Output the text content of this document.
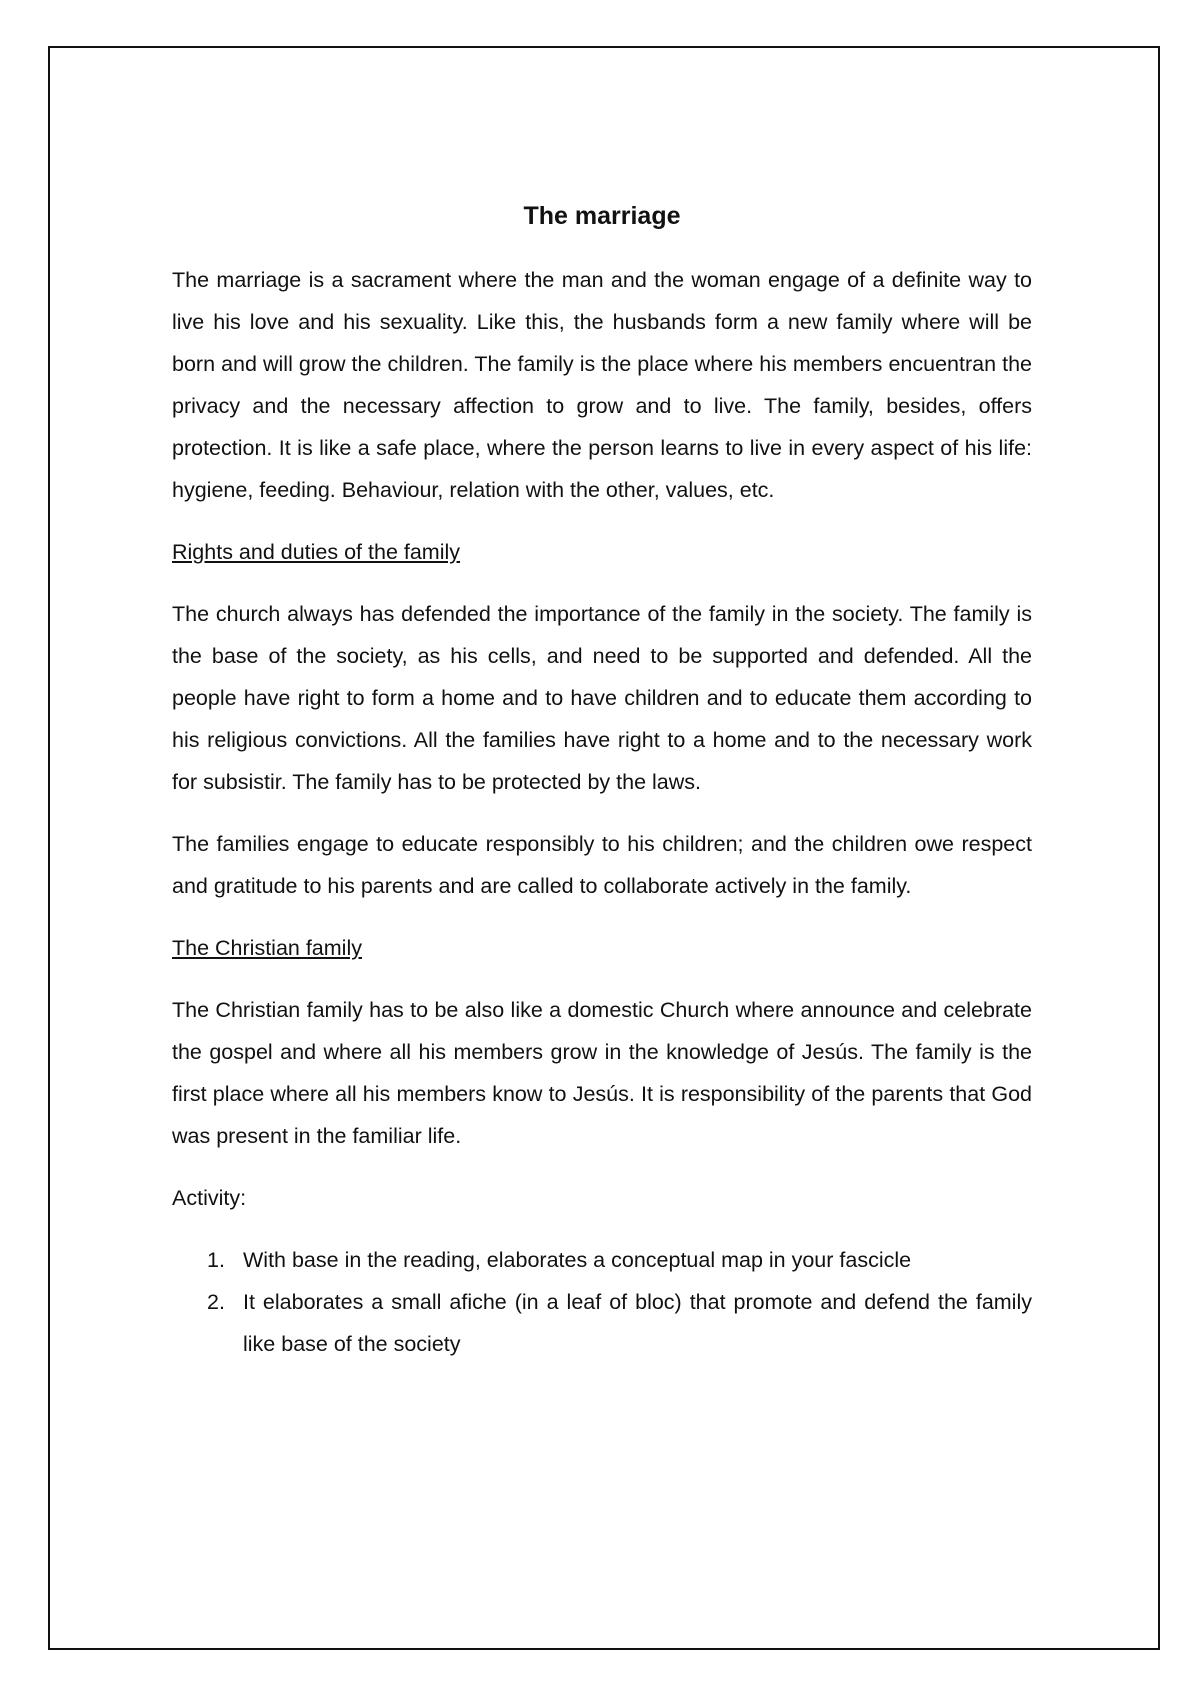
The marriage

The marriage is a sacrament where the man and the woman engage of a definite way to live his love and his sexuality. Like this, the husbands form a new family where will be born and will grow the children. The family is the place where his members encuentran the privacy and the necessary affection to grow and to live. The family, besides, offers protection. It is like a safe place, where the person learns to live in every aspect of his life: hygiene, feeding. Behaviour, relation with the other, values, etc.

Rights and duties of the family

The church always has defended the importance of the family in the society. The family is the base of the society, as his cells, and need to be supported and defended. All the people have right to form a home and to have children and to educate them according to his religious convictions. All the families have right to a home and to the necessary work for subsistir. The family has to be protected by the laws.

The families engage to educate responsibly to his children; and the children owe respect and gratitude to his parents and are called to collaborate actively in the family.

The Christian family

The Christian family has to be also like a domestic Church where announce and celebrate the gospel and where all his members grow in the knowledge of Jesús. The family is the first place where all his members know to Jesús. It is responsibility of the parents that God was present in the familiar life.

Activity:
1. With base in the reading, elaborates a conceptual map in your fascicle
2. It elaborates a small afiche (in a leaf of bloc) that promote and defend the family like base of the society
